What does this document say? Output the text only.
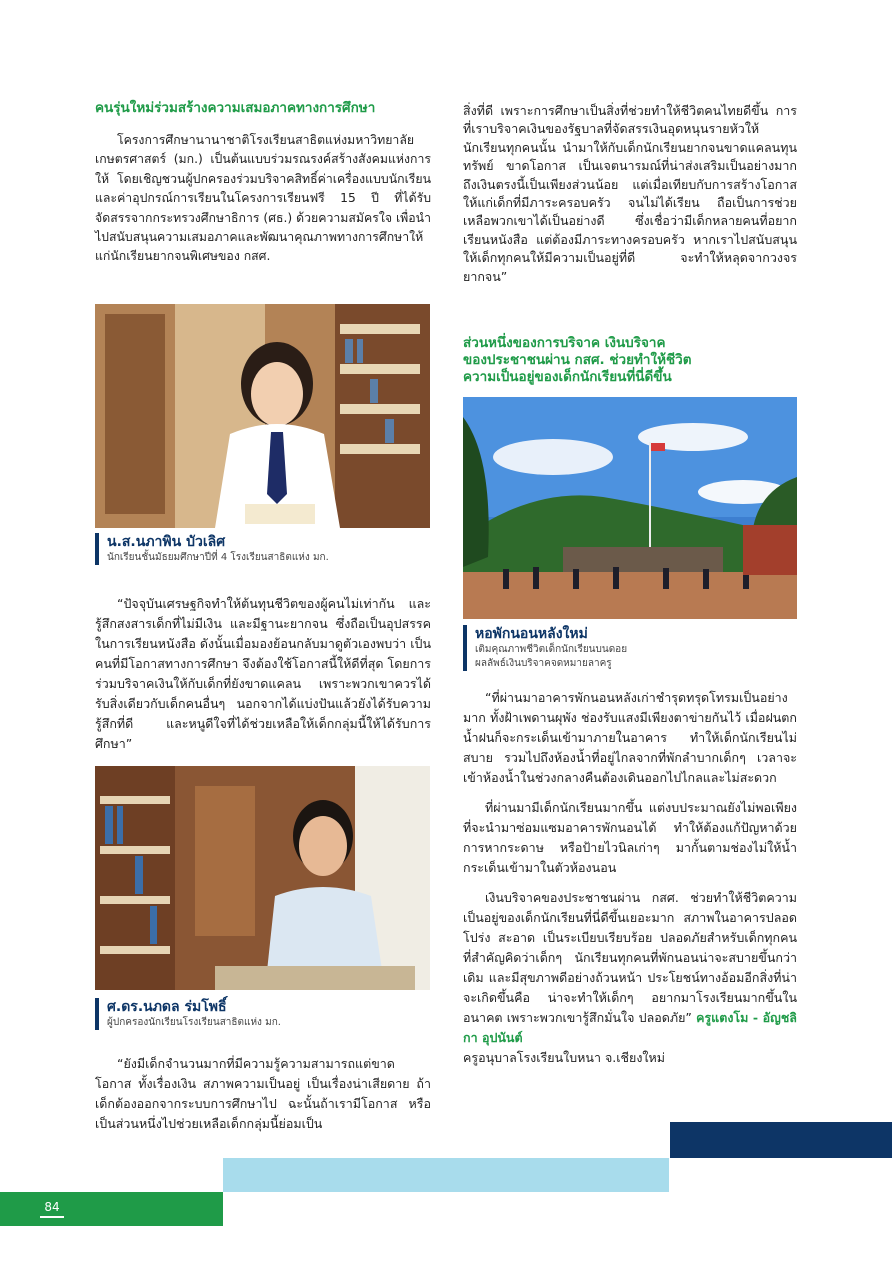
คนรุ่นใหม่ร่วมสร้างความเสมอภาคทางการศึกษา

โครงการศึกษานานาชาติโรงเรียนสาธิตแห่งมหาวิทยาลัยเกษตรศาสตร์ (มก.) เป็นต้นแบบร่วมรณรงค์สร้างสังคมแห่งการให้ โดยเชิญชวนผู้ปกครองร่วมบริจาคสิทธิ์ค่าเครื่องแบบนักเรียนและค่าอุปกรณ์การเรียนในโครงการเรียนฟรี 15 ปี ที่ได้รับจัดสรรจากกระทรวงศึกษาธิการ (ศธ.) ด้วยความสมัครใจ เพื่อนำไปสนับสนุนความเสมอภาคและพัฒนาคุณภาพทางการศึกษาให้แก่นักเรียนยากจนพิเศษของ กสศ.

น.ส.นภาพิน บัวเลิศ
นักเรียนชั้นมัธยมศึกษาปีที่ 4 โรงเรียนสาธิตแห่ง มก.

“ปัจจุบันเศรษฐกิจทำให้ต้นทุนชีวิตของผู้คนไม่เท่ากัน และรู้สึกสงสารเด็กที่ไม่มีเงิน และมีฐานะยากจน ซึ่งถือเป็นอุปสรรคในการเรียนหนังสือ ดังนั้นเมื่อมองย้อนกลับมาดูตัวเองพบว่า เป็นคนที่มีโอกาสทางการศึกษา จึงต้องใช้โอกาสนี้ให้ดีที่สุด โดยการร่วมบริจาคเงินให้กับเด็กที่ยังขาดแคลน เพราะพวกเขาควรได้รับสิ่งเดียวกับเด็กคนอื่นๆ นอกจากได้แบ่งปันแล้วยังได้รับความรู้สึกที่ดี และหนูดีใจที่ได้ช่วยเหลือให้เด็กกลุ่มนี้ให้ได้รับการศึกษา”

ศ.ดร.นภดล ร่มโพธิ์
ผู้ปกครองนักเรียนโรงเรียนสาธิตแห่ง มก.

“ยังมีเด็กจำนวนมากที่มีความรู้ความสามารถแต่ขาดโอกาส ทั้งเรื่องเงิน สภาพความเป็นอยู่ เป็นเรื่องน่าเสียดาย ถ้าเด็กต้องออกจากระบบการศึกษาไป ฉะนั้นถ้าเรามีโอกาส หรือเป็นส่วนหนึ่งไปช่วยเหลือเด็กกลุ่มนี้ย่อมเป็น

สิ่งที่ดี เพราะการศึกษาเป็นสิ่งที่ช่วยทำให้ชีวิตคนไทยดีขึ้น การที่เราบริจาคเงินของรัฐบาลที่จัดสรรเงินอุดหนุนรายหัวให้นักเรียนทุกคนนั้น นำมาให้กับเด็กนักเรียนยากจนขาดแคลนทุนทรัพย์ ขาดโอกาส เป็นเจตนารมณ์ที่น่าส่งเสริมเป็นอย่างมาก ถึงเงินตรงนี้เป็นเพียงส่วนน้อย แต่เมื่อเทียบกับการสร้างโอกาสให้แก่เด็กที่มีภาระครอบครัว จนไม่ได้เรียน ถือเป็นการช่วยเหลือพวกเขาได้เป็นอย่างดี ซึ่งเชื่อว่ามีเด็กหลายคนที่อยากเรียนหนังสือ แต่ต้องมีภาระทางครอบครัว หากเราไปสนับสนุนให้เด็กทุกคนให้มีความเป็นอยู่ที่ดี จะทำให้หลุดจากวงจรยากจน”

ส่วนหนึ่งของการบริจาค เงินบริจาค
ของประชาชนผ่าน กสศ. ช่วยทำให้ชีวิต
ความเป็นอยู่ของเด็กนักเรียนที่นี่ดีขึ้น
หอพักนอนหลังใหม่
เติมคุณภาพชีวิตเด็กนักเรียนบนดอย
ผลลัพธ์เงินบริจาคจดหมายลาครู

“ที่ผ่านมาอาคารพักนอนหลังเก่าชำรุดทรุดโทรมเป็นอย่างมาก ทั้งฝ้าเพดานผุพัง ช่องรับแสงมีเพียงตาข่ายกันไว้ เมื่อฝนตก น้ำฝนก็จะกระเด็นเข้ามาภายในอาคาร ทำให้เด็กนักเรียนไม่สบาย รวมไปถึงห้องน้ำที่อยู่ไกลจากที่พักลำบากเด็กๆ เวลาจะเข้าห้องน้ำในช่วงกลางคืนต้องเดินออกไปไกลและไม่สะดวก

ที่ผ่านมามีเด็กนักเรียนมากขึ้น แต่งบประมาณยังไม่พอเพียงที่จะนำมาซ่อมแซมอาคารพักนอนได้ ทำให้ต้องแก้ปัญหาด้วยการหากระดาษ หรือป้ายไวนิลเก่าๆ มากั้นตามช่องไม่ให้น้ำกระเด็นเข้ามาในตัวห้องนอน

เงินบริจาคของประชาชนผ่าน กสศ. ช่วยทำให้ชีวิตความเป็นอยู่ของเด็กนักเรียนที่นี่ดีขึ้นเยอะมาก สภาพในอาคารปลอดโปร่ง สะอาด เป็นระเบียบเรียบร้อย ปลอดภัยสำหรับเด็กทุกคน ที่สำคัญคิดว่าเด็กๆ นักเรียนทุกคนที่พักนอนน่าจะสบายขึ้นกว่าเดิม และมีสุขภาพดีอย่างถ้วนหน้า ประโยชน์ทางอ้อมอีกสิ่งที่น่าจะเกิดขึ้นคือ น่าจะทำให้เด็กๆ อยากมาโรงเรียนมากขึ้นในอนาคต เพราะพวกเขารู้สึกมั่นใจ ปลอดภัย” ครูแตงโม - อัญชลิกา อุปนันต์

ครูอนุบาลโรงเรียนใบหนา จ.เชียงใหม่

84
